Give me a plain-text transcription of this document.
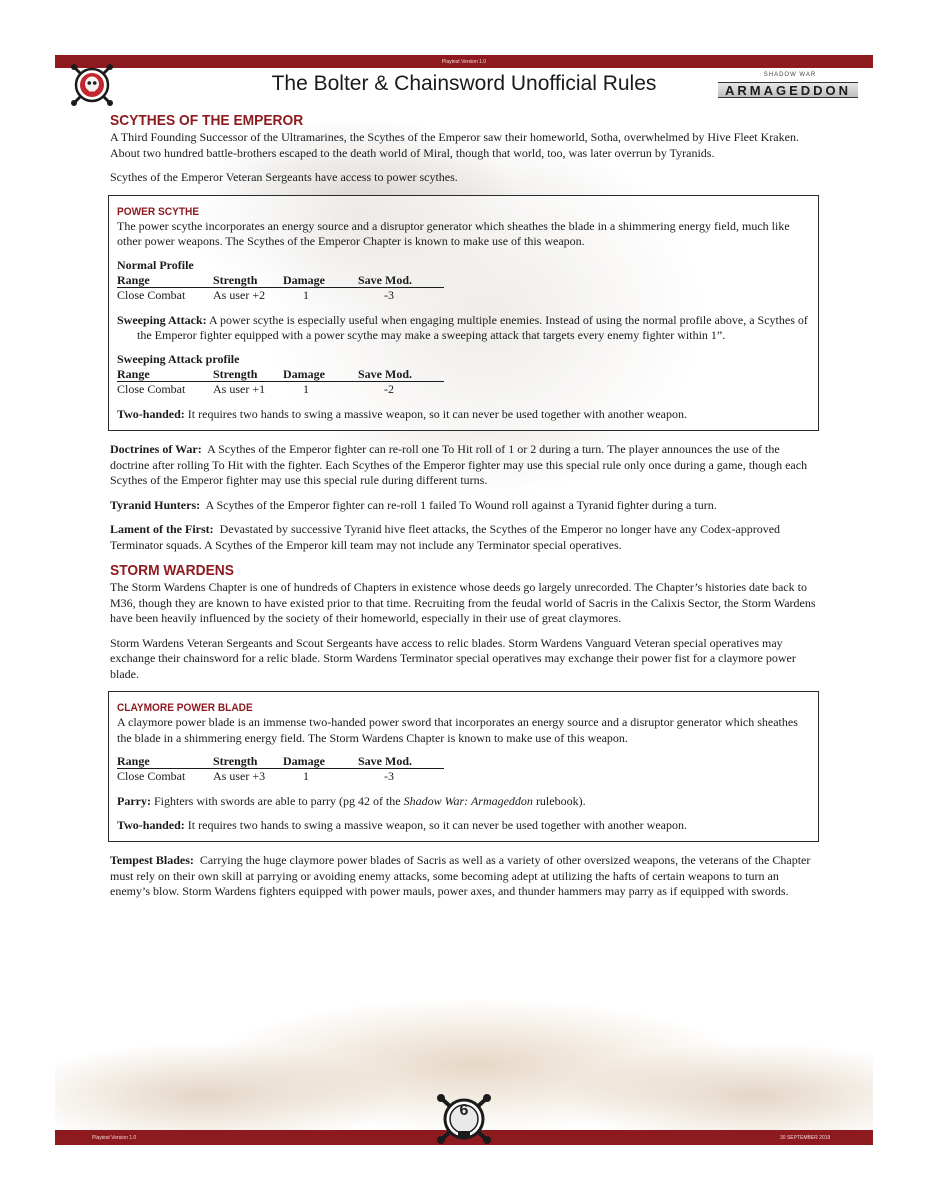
Playtest Version 1.0
The Bolter & Chainsword Unofficial Rules	ARMAGEDDON
SHADOW WAR
SCYTHES OF THE EMPEROR

A Third Founding Successor of the Ultramarines, the Scythes of the Emperor saw their homeworld, Sotha, overwhelmed by Hive Fleet Kraken. About two hundred battle-brothers escaped to the death world of Miral, though that world, too, was later overrun by Tyranids.

Scythes of the Emperor Veteran Sergeants have access to power scythes.

POWER SCYTHE

The power scythe incorporates an energy source and a disruptor generator which sheathes the blade in a shimmering energy field, much like other power weapons. The Scythes of the Emperor Chapter is known to make use of this weapon.

Normal Profile
Range	Strength	Damage	Save Mod.
Close Combat	As user +2	1	-3

Sweeping Attack: A power scythe is especially useful when engaging multiple enemies. Instead of using the normal profile above, a Scythes of the Emperor fighter equipped with a power scythe may make a sweeping attack that targets every enemy fighter within 1”.

Sweeping Attack profile
Range	Strength	Damage	Save Mod.
Close Combat	As user +1	1	-2

Two-handed: It requires two hands to swing a massive weapon, so it can never be used together with another weapon.

Doctrines of War: A Scythes of the Emperor fighter can re-roll one To Hit roll of 1 or 2 during a turn. The player announces the use of the doctrine after rolling To Hit with the fighter. Each Scythes of the Emperor fighter may use this special rule only once during a game, though each Scythes of the Emperor fighter may use this special rule during different turns.

Tyranid Hunters: A Scythes of the Emperor fighter can re-roll 1 failed To Wound roll against a Tyranid fighter during a turn.

Lament of the First: Devastated by successive Tyranid hive fleet attacks, the Scythes of the Emperor no longer have any Codex-approved Terminator squads. A Scythes of the Emperor kill team may not include any Terminator special operatives.

STORM WARDENS

The Storm Wardens Chapter is one of hundreds of Chapters in existence whose deeds go largely unrecorded. The Chapter’s histories date back to M36, though they are known to have existed prior to that time. Recruiting from the feudal world of Sacris in the Calixis Sector, the Storm Wardens have been heavily influenced by the society of their homeworld, especially in their use of great claymores.

Storm Wardens Veteran Sergeants and Scout Sergeants have access to relic blades. Storm Wardens Vanguard Veteran special operatives may exchange their chainsword for a relic blade. Storm Wardens Terminator special operatives may exchange their power fist for a claymore power blade.

CLAYMORE POWER BLADE

A claymore power blade is an immense two-handed power sword that incorporates an energy source and a disruptor generator which sheathes the blade in a shimmering energy field. The Storm Wardens Chapter is known to make use of this weapon.

Range	Strength	Damage	Save Mod.
Close Combat	As user +3	1	-3

Parry: Fighters with swords are able to parry (pg 42 of the Shadow War: Armageddon rulebook).

Two-handed: It requires two hands to swing a massive weapon, so it can never be used together with another weapon.

Tempest Blades: Carrying the huge claymore power blades of Sacris as well as a variety of other oversized weapons, the veterans of the Chapter must rely on their own skill at parrying or avoiding enemy attacks, some becoming adept at utilizing the hafts of certain weapons to turn an enemy’s blow. Storm Wardens fighters equipped with power mauls, power axes, and thunder hammers may parry as if equipped with swords.

Playtest Version 1.0	30 SEPTEMBER 2019
6
